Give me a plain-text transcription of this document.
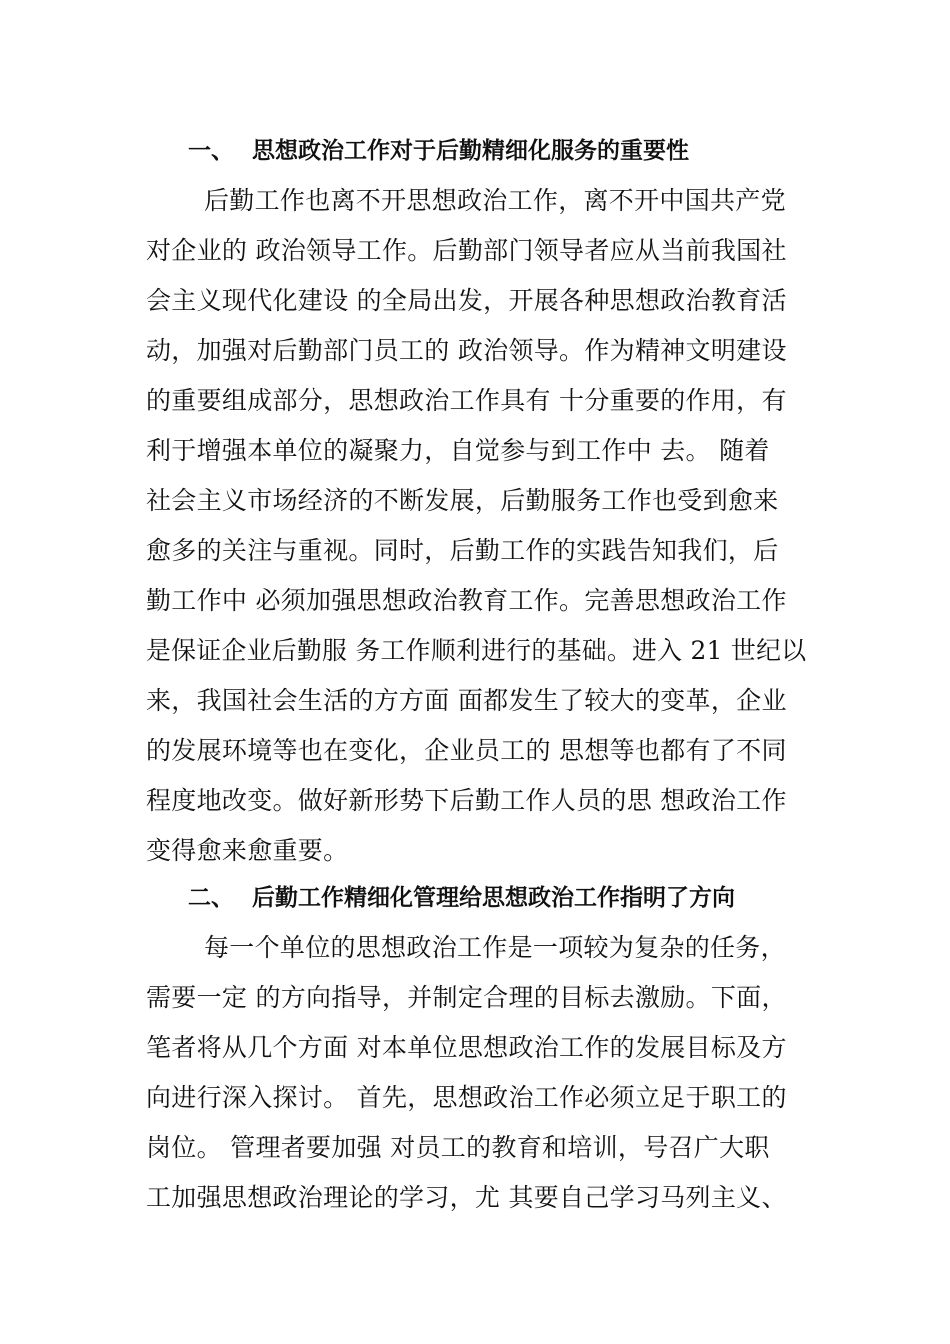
一、 思想政治工作对于后勤精细化服务的重要性
后勤工作也离不开思想政治工作，离不开中国共产党
对企业的 政治领导工作。后勤部门领导者应从当前我国社
会主义现代化建设 的全局出发，开展各种思想政治教育活
动，加强对后勤部门员工的 政治领导。作为精神文明建设
的重要组成部分，思想政治工作具有 十分重要的作用，有
利于增强本单位的凝聚力，自觉参与到工作中 去。 随着
社会主义市场经济的不断发展，后勤服务工作也受到愈来
愈多的关注与重视。同时，后勤工作的实践告知我们，后
勤工作中 必须加强思想政治教育工作。完善思想政治工作
是保证企业后勤服 务工作顺利进行的基础。进入 21 世纪以
来，我国社会生活的方方面 面都发生了较大的变革，企业
的发展环境等也在变化，企业员工的 思想等也都有了不同
程度地改变。做好新形势下后勤工作人员的思 想政治工作
变得愈来愈重要。
二、 后勤工作精细化管理给思想政治工作指明了方向
每一个单位的思想政治工作是一项较为复杂的任务，
需要一定 的方向指导，并制定合理的目标去激励。下面，
笔者将从几个方面 对本单位思想政治工作的发展目标及方
向进行深入探讨。 首先，思想政治工作必须立足于职工的
岗位。 管理者要加强 对员工的教育和培训，号召广大职
工加强思想政治理论的学习，尤 其要自己学习马列主义、
